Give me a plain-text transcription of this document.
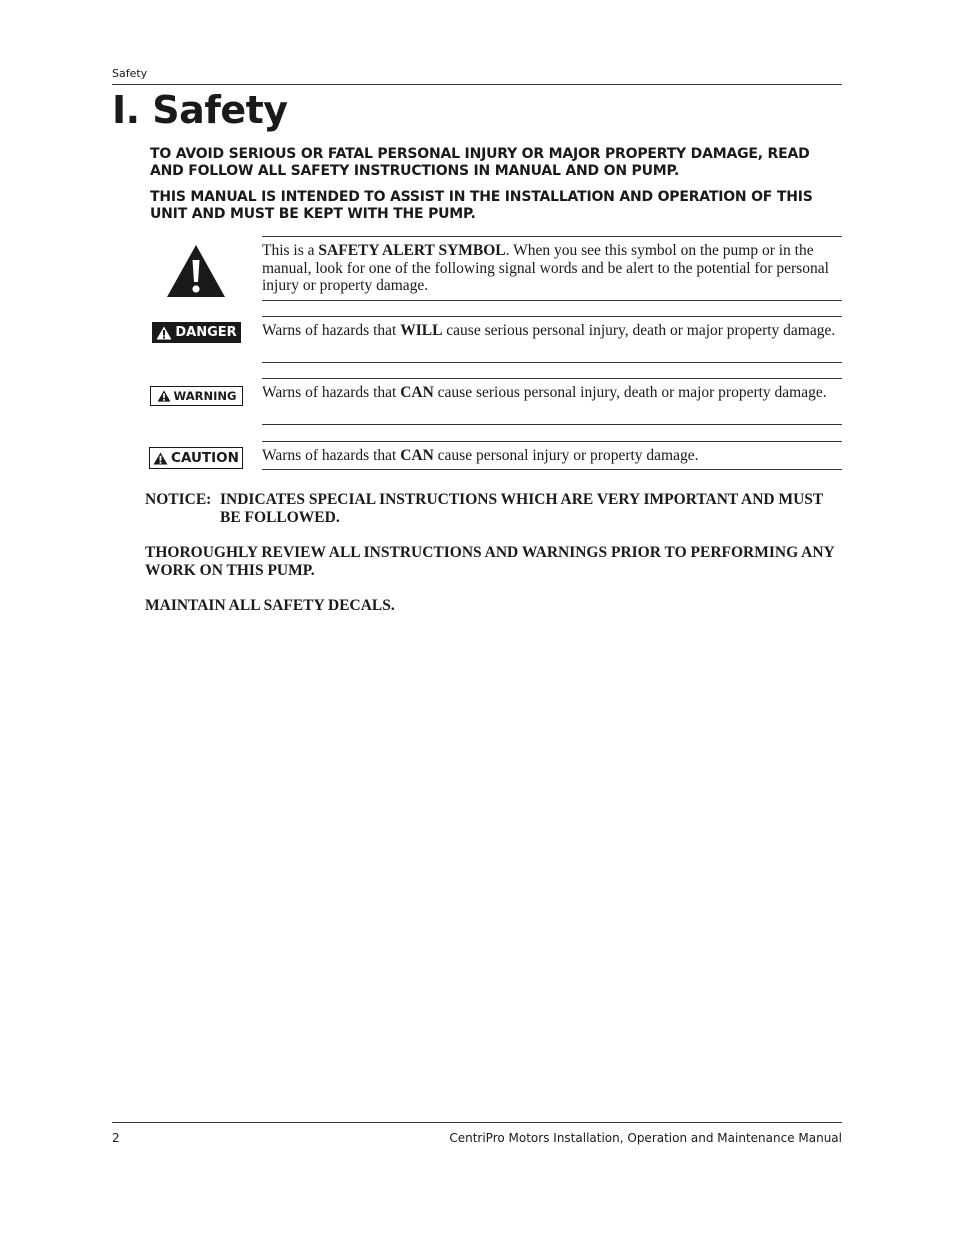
Safety
I. Safety

TO AVOID SERIOUS OR FATAL PERSONAL INJURY OR MAJOR PROPERTY DAMAGE, READ AND FOLLOW ALL SAFETY INSTRUCTIONS IN MANUAL AND ON PUMP.

THIS MANUAL IS INTENDED TO ASSIST IN THE INSTALLATION AND OPERATION OF THIS UNIT AND MUST BE KEPT WITH THE PUMP.

This is a SAFETY ALERT SYMBOL. When you see this symbol on the pump or in the manual, look for one of the following signal words and be alert to the potential for personal injury or property damage.

DANGER Warns of hazards that WILL cause serious personal injury, death or major property damage.

WARNING Warns of hazards that CAN cause serious personal injury, death or major property damage.

CAUTION Warns of hazards that CAN cause personal injury or property damage.

NOTICE: INDICATES SPECIAL INSTRUCTIONS WHICH ARE VERY IMPORTANT AND MUST BE FOLLOWED.

THOROUGHLY REVIEW ALL INSTRUCTIONS AND WARNINGS PRIOR TO PERFORMING ANY WORK ON THIS PUMP.

MAINTAIN ALL SAFETY DECALS.

2	CentriPro Motors Installation, Operation and Maintenance Manual
